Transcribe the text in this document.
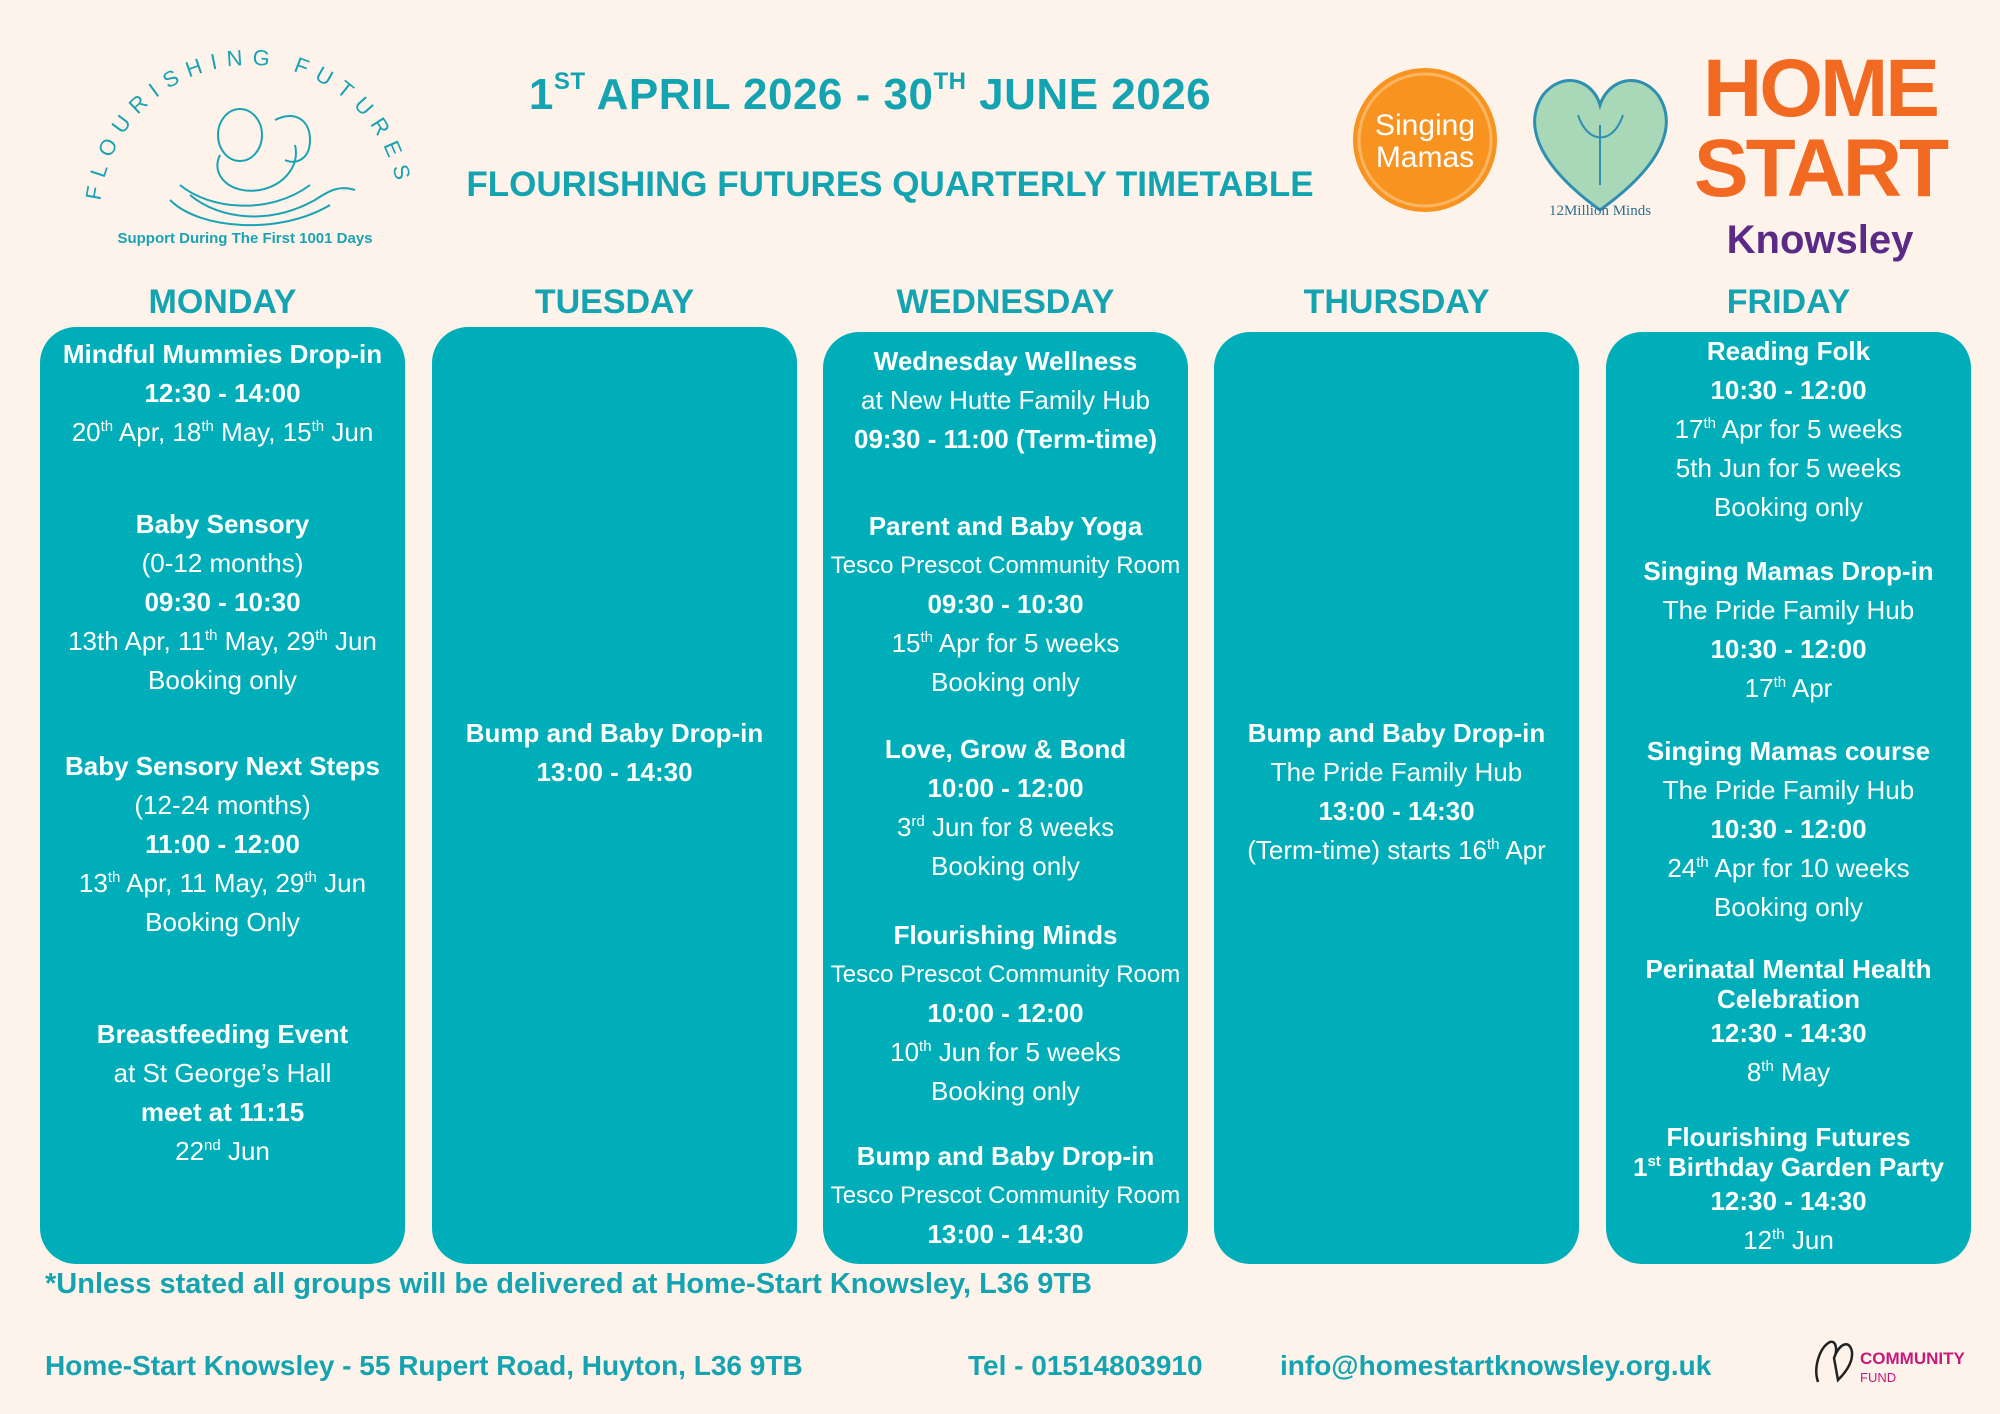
FLOURISHING FUTURES
Support During The First 1001 Days
1ST APRIL 2026 - 30TH JUNE 2026
FLOURISHING FUTURES QUARTERLY TIMETABLE
Singing
Mamas
12Million Minds
HOME
START
Knowsley
MONDAY	TUESDAY	WEDNESDAY	THURSDAY	FRIDAY
Mindful Mummies Drop-in
12:30 - 14:00
20th Apr, 18th May, 15th Jun
Baby Sensory
(0-12 months)
09:30 - 10:30
13th Apr, 11th May, 29th Jun
Booking only
Baby Sensory Next Steps
(12-24 months)
11:00 - 12:00
13th Apr, 11 May, 29th Jun
Booking Only
Breastfeeding Event
at St George’s Hall
meet at 11:15
22nd Jun
Bump and Baby Drop-in
13:00 - 14:30
Wednesday Wellness
at New Hutte Family Hub
09:30 - 11:00 (Term-time)
Parent and Baby Yoga
Tesco Prescot Community Room
09:30 - 10:30
15th Apr for 5 weeks
Booking only
Love, Grow & Bond
10:00 - 12:00
3rd Jun for 8 weeks
Booking only
Flourishing Minds
Tesco Prescot Community Room
10:00 - 12:00
10th Jun for 5 weeks
Booking only
Bump and Baby Drop-in
Tesco Prescot Community Room
13:00 - 14:30
Bump and Baby Drop-in
The Pride Family Hub
13:00 - 14:30
(Term-time) starts 16th Apr
Reading Folk
10:30 - 12:00
17th Apr for 5 weeks
5th Jun for 5 weeks
Booking only
Singing Mamas Drop-in
The Pride Family Hub
10:30 - 12:00
17th Apr
Singing Mamas course
The Pride Family Hub
10:30 - 12:00
24th Apr for 10 weeks
Booking only
Perinatal Mental Health
Celebration
12:30 - 14:30
8th May
Flourishing Futures
1st Birthday Garden Party
12:30 - 14:30
12th Jun
*Unless stated all groups will be delivered at Home-Start Knowsley, L36 9TB
Home-Start Knowsley - 55 Rupert Road, Huyton, L36 9TB	Tel - 01514803910	info@homestartknowsley.org.uk	COMMUNITY
FUND
